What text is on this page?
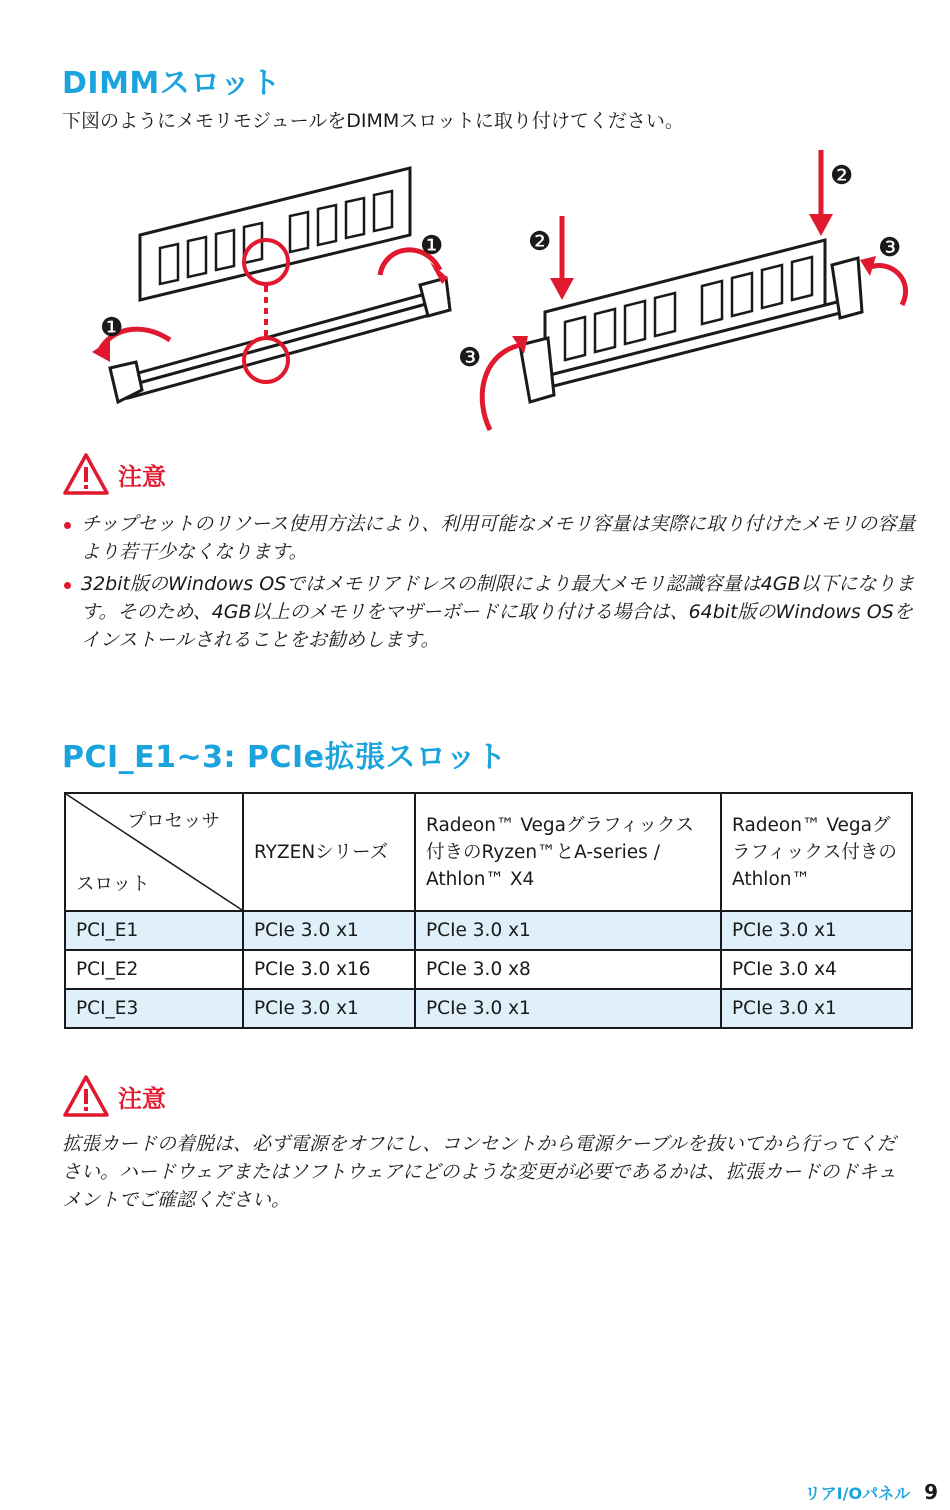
DIMMスロット
下図のようにメモリモジュールをDIMMスロットに取り付けてください。
❶
❶	❷
❷
❸
❸
注意
チップセットのリソース使用方法により、利用可能なメモリ容量は実際に取り付けたメモリの容量より若干少なくなります。
32bit版のWindows OSではメモリアドレスの制限により最大メモリ認識容量は4GB以下になります。そのため、4GB以上のメモリをマザーボードに取り付ける場合は、64bit版のWindows OSをインストールされることをお勧めします。
PCI_E1~3: PCIe拡張スロット
プロセッサ
スロット	RYZENシリーズ	Radeon™ Vegaグラフィックス付きのRyzen™とA-series / Athlon™ X4	Radeon™ Vegaグラフィックス付きのAthlon™
PCI_E1	PCIe 3.0 x1	PCIe 3.0 x1	PCIe 3.0 x1
PCI_E2	PCIe 3.0 x16	PCIe 3.0 x8	PCIe 3.0 x4
PCI_E3	PCIe 3.0 x1	PCIe 3.0 x1	PCIe 3.0 x1
注意
拡張カードの着脱は、必ず電源をオフにし、コンセントから電源ケーブルを抜いてから行ってください。ハードウェアまたはソフトウェアにどのような変更が必要であるかは、拡張カードのドキュメントでご確認ください。
リアI/Oパネル 9
